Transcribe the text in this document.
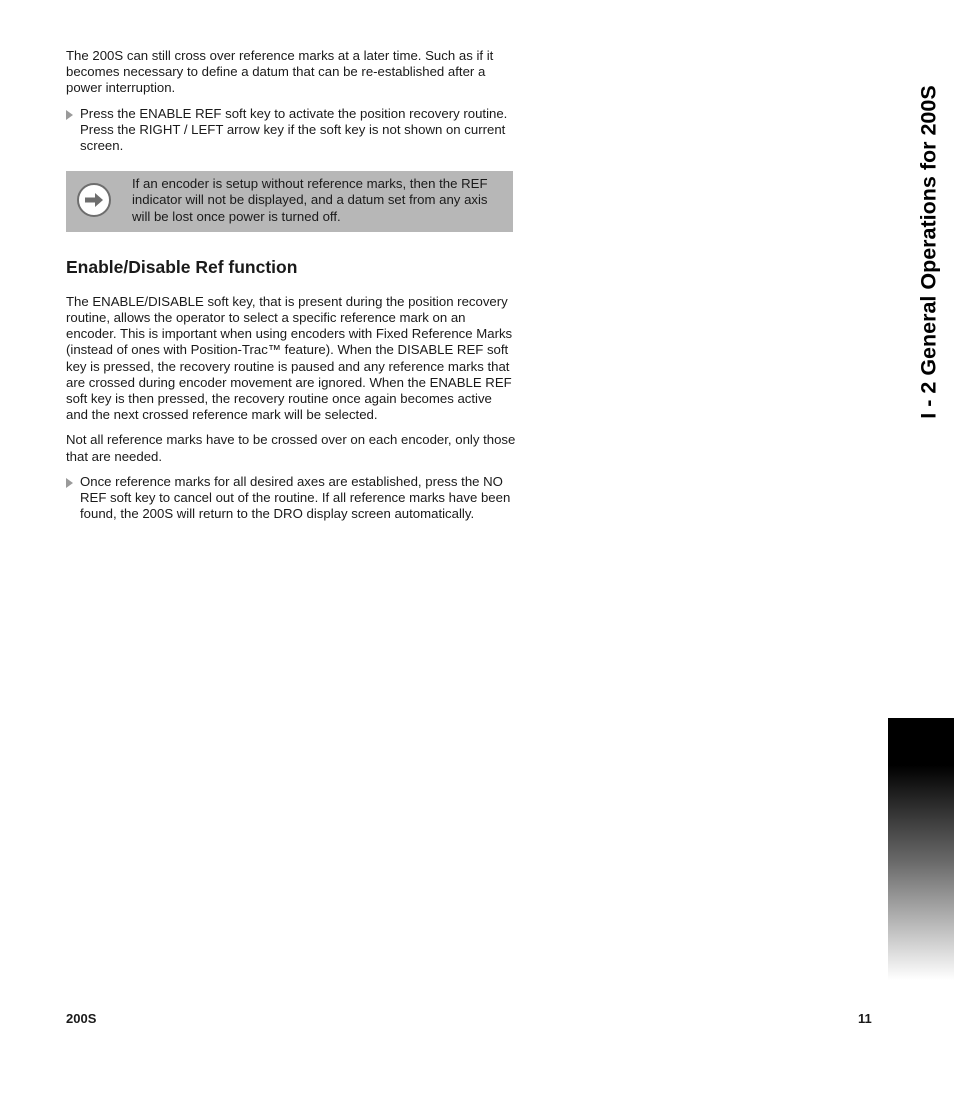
The 200S can still cross over reference marks at a later time. Such as if it becomes necessary to define a datum that can be re-established after a power interruption.

Press the ENABLE REF soft key to activate the position recovery routine. Press the RIGHT / LEFT arrow key if the soft key is not shown on current screen.

If an encoder is setup without reference marks, then the REF indicator will not be displayed, and a datum set from any axis will be lost once power is turned off.

Enable/Disable Ref function

The ENABLE/DISABLE soft key, that is present during the position recovery routine, allows the operator to select a specific reference mark on an encoder. This is important when using encoders with Fixed Reference Marks (instead of ones with Position-Trac™ feature). When the DISABLE REF soft key is pressed, the recovery routine is paused and any reference marks that are crossed during encoder movement are ignored. When the ENABLE REF soft key is then pressed, the recovery routine once again becomes active and the next crossed reference mark will be selected.

Not all reference marks have to be crossed over on each encoder, only those that are needed.

Once reference marks for all desired axes are established, press the NO REF soft key to cancel out of the routine. If all reference marks have been found, the 200S will return to the DRO display screen automatically.

I - 2 General Operations for 200S
200S	11
